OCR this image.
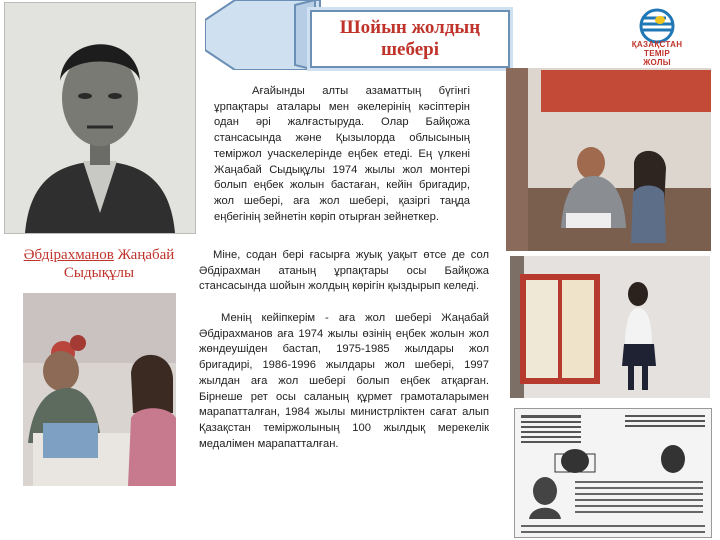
Шойын жолдың шебері	ҚАЗАҚСТАН
ТЕМІР
ЖОЛЫ
Әбдірахманов Жаңабай Сыдықұлы
Ағайынды алты азаматтың бүгінгі ұрпақтары аталары мен әкелерінің кәсіптерін одан әрі жалғастыруда. Олар Байқожа стансасында және Қызылорда облысының теміржол учаскелерінде еңбек етеді. Ең үлкені Жаңабай Сыдықұлы 1974 жылы жол монтері болып еңбек жолын бастаған, кейін бригадир, жол шебері, аға жол шебері, қазіргі таңда еңбегінің зейнетін көріп отырған зейнеткер.
Міне, содан бері ғасырға жуық уақыт өтсе де сол Әбдірахман атаның ұрпақтары осы Байқожа стансасында шойын жолдың көрігін қыздырып келеді.
Менің кейіпкерім - аға жол шебері Жаңабай Әбдірахманов аға 1974 жылы өзінің еңбек жолын жол жөндеушіден бастап, 1975-1985 жылдары жол бригадирі, 1986-1996 жылдары жол шебері, 1997 жылдан аға жол шебері болып еңбек атқарған. Бірнеше рет осы саланың құрмет грамоталарымен марапатталған, 1984 жылы министрліктен сағат алып Қазақстан теміржолының 100 жылдық мерекелік медалімен марапатталған.
